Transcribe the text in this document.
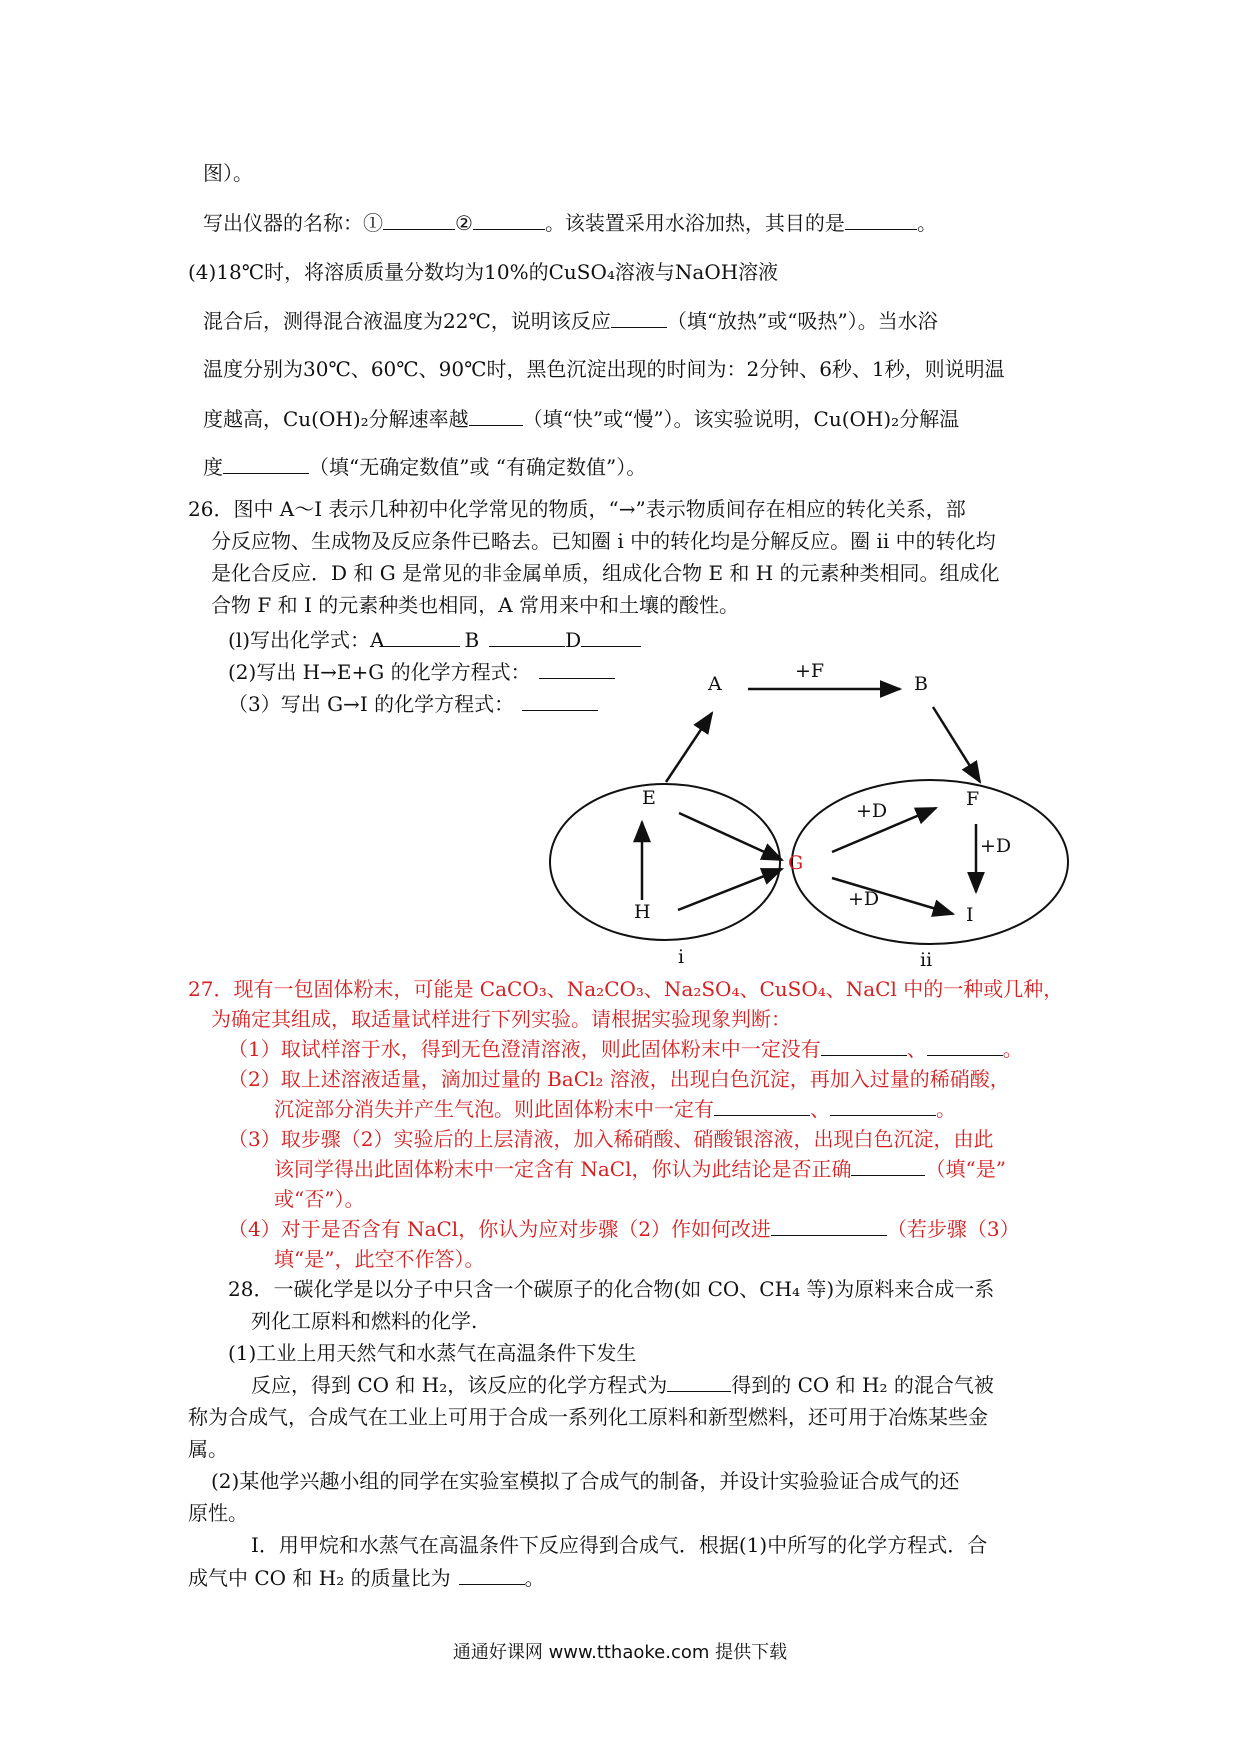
图）。
写出仪器的名称：①	②	。该装置采用水浴加热，其目的是	。
(4)18℃时，将溶质质量分数均为10%的CuSO₄溶液与NaOH溶液
混合后，测得混合液温度为22℃，说明该反应	（填“放热”或“吸热”）。当水浴
温度分别为30℃、60℃、90℃时，黑色沉淀出现的时间为：2分钟、6秒、1秒，则说明温
度越高，Cu(OH)₂分解速率越	（填“快”或“慢”）。该实验说明，Cu(OH)₂分解温
度	（填“无确定数值”或 “有确定数值”）。
26．图中 A～I 表示几种初中化学常见的物质，“→”表示物质间存在相应的转化关系，部
分反应物、生成物及反应条件已略去。已知圈 i 中的转化均是分解反应。圈 ii 中的转化均
是化合反应．D 和 G 是常见的非金属单质，组成化合物 E 和 H 的元素种类相同。组成化
合物 F 和 I 的元素种类也相同，A 常用来中和土壤的酸性。
(l)写出化学式：A	B	D
(2)写出 H→E+G 的化学方程式：
（3）写出 G→I 的化学方程式：
A	B
E	F
G
H	I
+F
+D
+D
+D
i	ii
27．现有一包固体粉末，可能是 CaCO₃、Na₂CO₃、Na₂SO₄、CuSO₄、NaCl 中的一种或几种，
为确定其组成，取适量试样进行下列实验。请根据实验现象判断：
（1）取试样溶于水，得到无色澄清溶液，则此固体粉末中一定没有	、	。
（2）取上述溶液适量，滴加过量的 BaCl₂ 溶液，出现白色沉淀，再加入过量的稀硝酸，
沉淀部分消失并产生气泡。则此固体粉末中一定有	、	。
（3）取步骤（2）实验后的上层清液，加入稀硝酸、硝酸银溶液，出现白色沉淀，由此
该同学得出此固体粉末中一定含有 NaCl，你认为此结论是否正确	（填“是”
或“否”）。
（4）对于是否含有 NaCl，你认为应对步骤（2）作如何改进	（若步骤（3）
填“是”，此空不作答）。
28．一碳化学是以分子中只含一个碳原子的化合物(如 CO、CH₄ 等)为原料来合成一系
列化工原料和燃料的化学.
(1)工业上用天然气和水蒸气在高温条件下发生
反应，得到 CO 和 H₂，该反应的化学方程式为	得到的 CO 和 H₂ 的混合气被
称为合成气，合成气在工业上可用于合成一系列化工原料和新型燃料，还可用于冶炼某些金
属。
(2)某他学兴趣小组的同学在实验室模拟了合成气的制备，并设计实验验证合成气的还
原性。
I．用甲烷和水蒸气在高温条件下反应得到合成气．根据(1)中所写的化学方程式．合
成气中 CO 和 H₂ 的质量比为	。
通通好课网 www.tthaoke.com 提供下载
